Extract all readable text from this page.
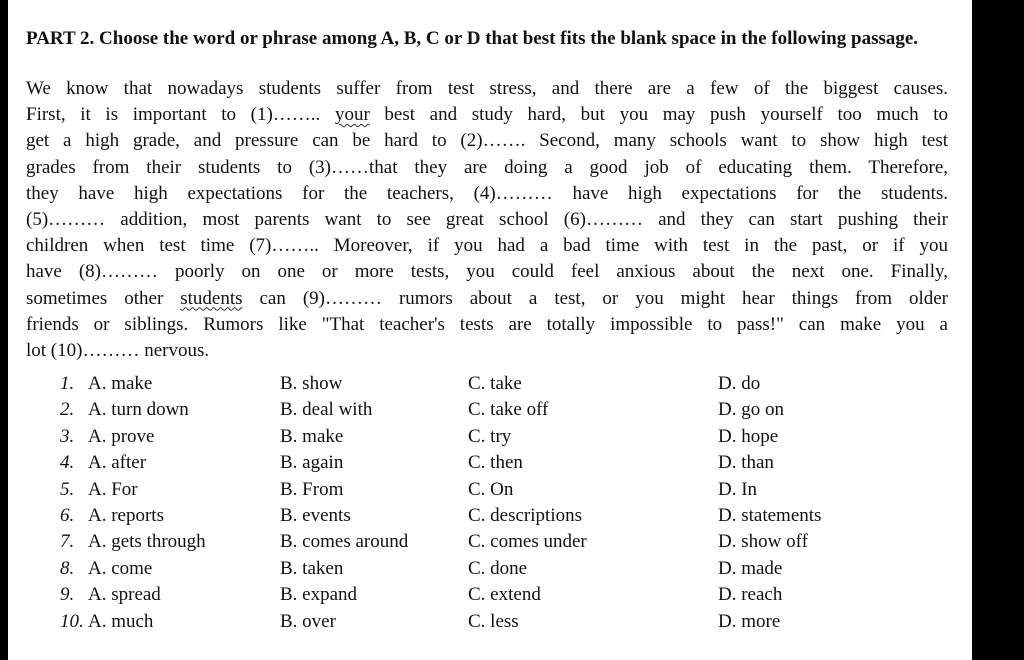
PART 2. Choose the word or phrase among A, B, C or D that best fits the blank space in the following passage.

We know that nowadays students suffer from test stress, and there are a few of the biggest causes.
First, it is important to (1)…….. your best and study hard, but you may push yourself too much to
get a high grade, and pressure can be hard to (2)……. Second, many schools want to show high test
grades from their students to (3)……that they are doing a good job of educating them. Therefore,
they have high expectations for the teachers, (4)……… have high expectations for the students.
(5)……… addition, most parents want to see great school (6)……… and they can start pushing their
children when test time (7)…….. Moreover, if you had a bad time with test in the past, or if you
have (8)……… poorly on one or more tests, you could feel anxious about the next one. Finally,
sometimes other students can (9)……… rumors about a test, or you might hear things from older
friends or siblings. Rumors like "That teacher's tests are totally impossible to pass!" can make you a
lot (10)……… nervous.
1. A. make	B. show	C. take	D. do
2. A. turn down	B. deal with	C. take off	D. go on
3. A. prove	B. make	C. try	D. hope
4. A. after	B. again	C. then	D. than
5. A. For	B. From	C. On	D. In
6. A. reports	B. events	C. descriptions	D. statements
7. A. gets through	B. comes around	C. comes under	D. show off
8. A. come	B. taken	C. done	D. made
9. A. spread	B. expand	C. extend	D. reach
10. A. much	B. over	C. less	D. more
